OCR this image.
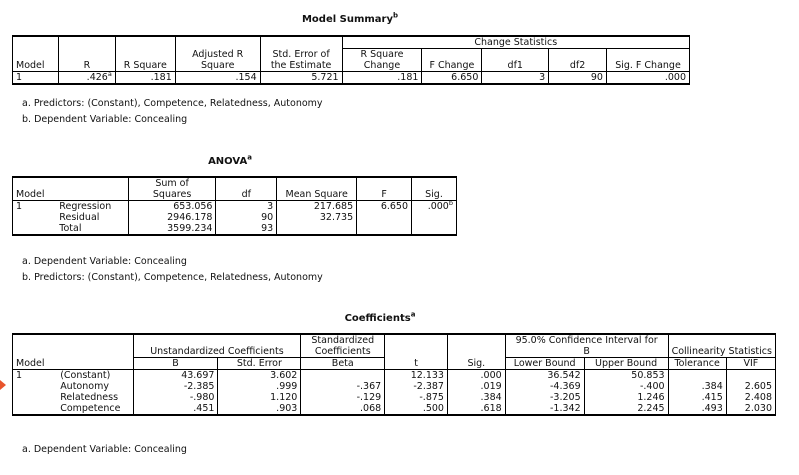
Model Summary$^b$
Model	R	R Square	Adjusted R
Square	Std. Error of
the Estimate	Change Statistics				
					R Square
Change	F Change	df1	df2	Sig. F Change
1	.426$^a$	.181	.154	5.721	.181	6.650	3	90	.000
a. Predictors: (Constant), Competence, Relatedness, Autonomy
b. Dependent Variable: Concealing
ANOVA$^a$
Model		Sum of
Squares	df	Mean Square	F	Sig.
1	Regression	653.056	3	217.685	6.650	.000$^b$
	Residual	2946.178	90	32.735		
	Total	3599.234	93			
a. Dependent Variable: Concealing
b. Predictors: (Constant), Competence, Relatedness, Autonomy
Coefficients$^a$
Model		Unstandardized Coefficients		Standardized
Coefficients	t	Sig.	95.0% Confidence Interval for
B		Collinearity Statistics	
		B	Std. Error	Beta			Lower Bound	Upper Bound	Tolerance	VIF
1	(Constant)	43.697	3.602		12.133	.000	36.542	50.853		
	Autonomy	-2.385	.999	-.367	-2.387	.019	-4.369	-.400	.384	2.605
	Relatedness	-.980	1.120	-.129	-.875	.384	-3.205	1.246	.415	2.408
	Competence	.451	.903	.068	.500	.618	-1.342	2.245	.493	2.030
a. Dependent Variable: Concealing
